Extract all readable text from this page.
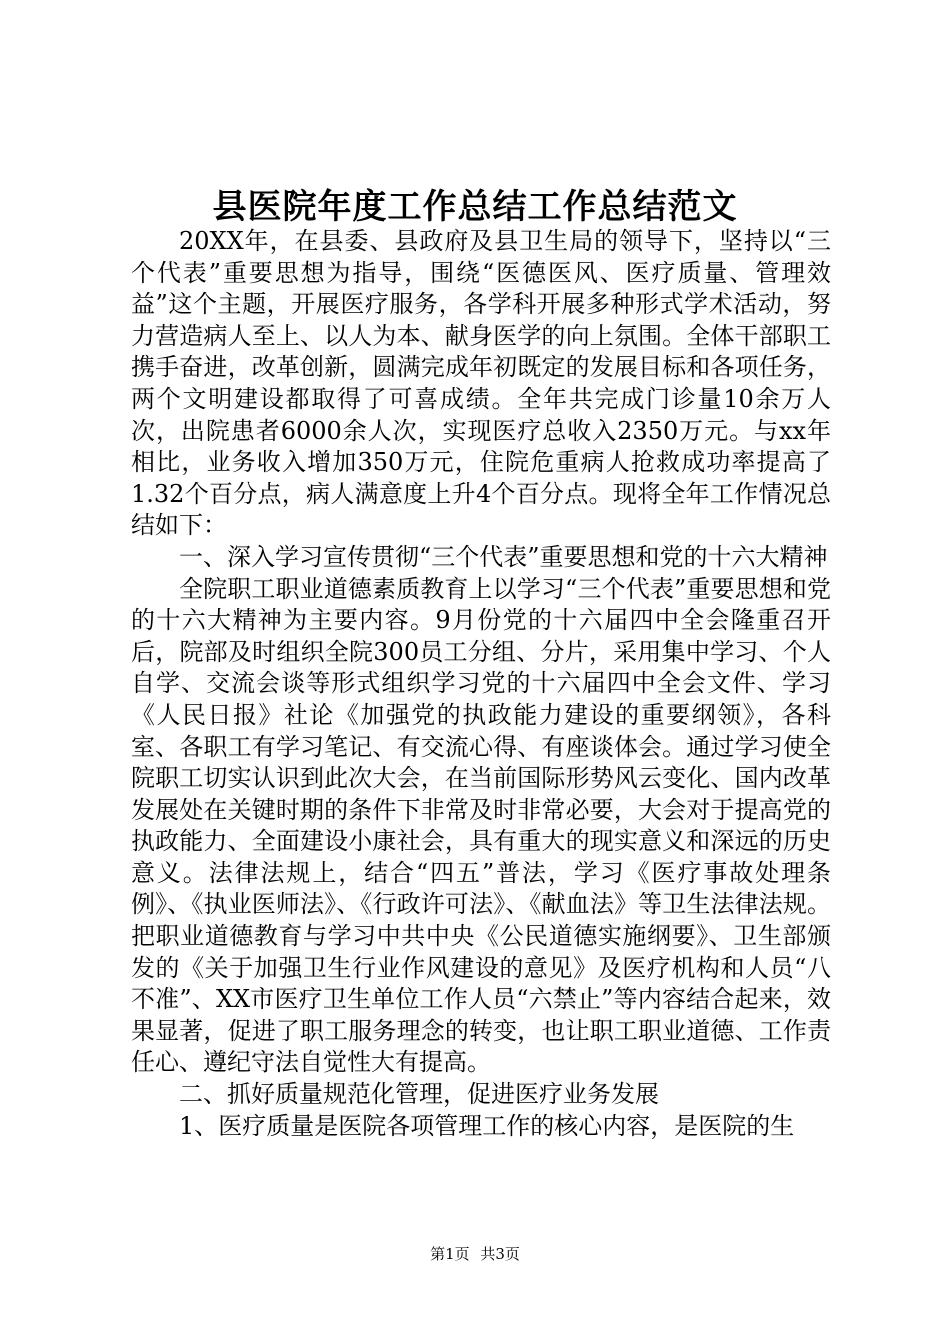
县医院年度工作总结工作总结范文

20XX年，在县委、县政府及县卫生局的领导下，坚持以“三个代表”重要思想为指导，围绕“医德医风、医疗质量、管理效益”这个主题，开展医疗服务，各学科开展多种形式学术活动，努力营造病人至上、以人为本、献身医学的向上氛围。全体干部职工携手奋进，改革创新，圆满完成年初既定的发展目标和各项任务，两个文明建设都取得了可喜成绩。全年共完成门诊量10余万人次，出院患者6000余人次，实现医疗总收入2350万元。与xx年相比，业务收入增加350万元，住院危重病人抢救成功率提高了1.32个百分点，病人满意度上升4个百分点。现将全年工作情况总结如下：

一、深入学习宣传贯彻“三个代表”重要思想和党的十六大精神

全院职工职业道德素质教育上以学习“三个代表”重要思想和党的十六大精神为主要内容。9月份党的十六届四中全会隆重召开后，院部及时组织全院300员工分组、分片，采用集中学习、个人自学、交流会谈等形式组织学习党的十六届四中全会文件、学习《人民日报》社论《加强党的执政能力建设的重要纲领》，各科室、各职工有学习笔记、有交流心得、有座谈体会。通过学习使全院职工切实认识到此次大会，在当前国际形势风云变化、国内改革发展处在关键时期的条件下非常及时非常必要，大会对于提高党的执政能力、全面建设小康社会，具有重大的现实意义和深远的历史意义。法律法规上，结合“四五”普法，学习《医疗事故处理条例》、《执业医师法》、《行政许可法》、《献血法》等卫生法律法规。把职业道德教育与学习中共中央《公民道德实施纲要》、卫生部颁发的《关于加强卫生行业作风建设的意见》及医疗机构和人员“八不准”、XX市医疗卫生单位工作人员“六禁止”等内容结合起来，效果显著，促进了职工服务理念的转变，也让职工职业道德、工作责任心、遵纪守法自觉性大有提高。

二、抓好质量规范化管理，促进医疗业务发展

1、医疗质量是医院各项管理工作的核心内容，是医院的生

第1页 共3页
